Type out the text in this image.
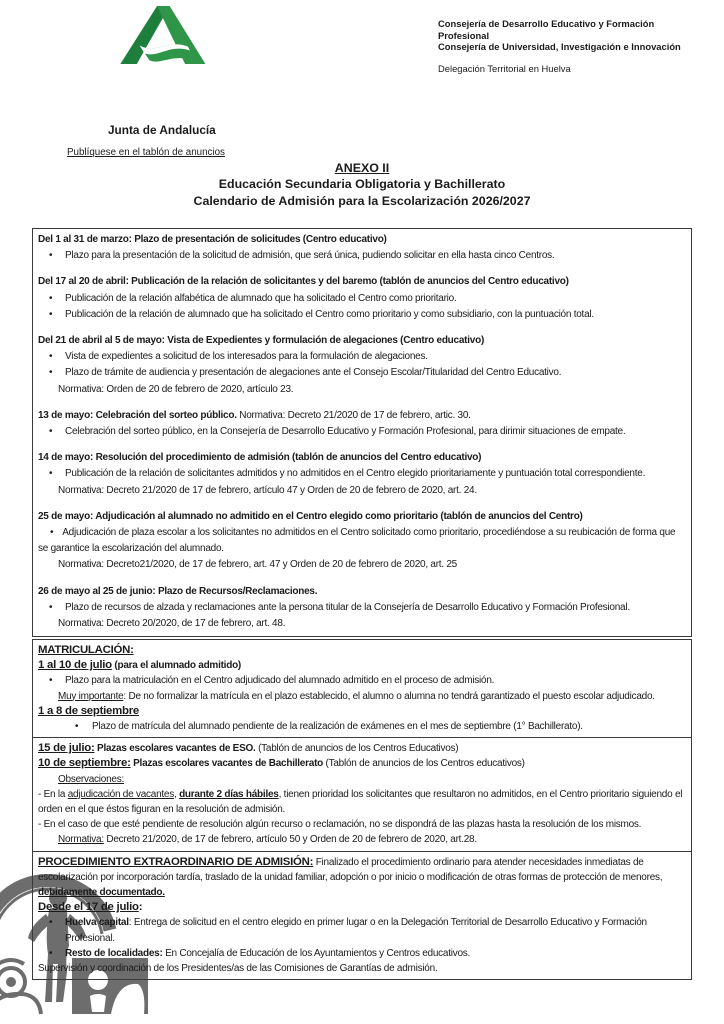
Consejería de Desarrollo Educativo y Formación Profesional
Consejería de Universidad, Investigación e Innovación
Delegación Territorial en Huelva
Junta de Andalucía
Publíquese en el tablón de anuncios
ANEXO II
Educación Secundaria Obligatoria y Bachillerato
Calendario de Admisión para la Escolarización 2026/2027
Del 1 al 31 de marzo: Plazo de presentación de solicitudes (Centro educativo)
• Plazo para la presentación de la solicitud de admisión, que será única, pudiendo solicitar en ella hasta cinco Centros.
Del 17 al 20 de abril: Publicación de la relación de solicitantes y del baremo (tablón de anuncios del Centro educativo)
• Publicación de la relación alfabética de alumnado que ha solicitado el Centro como prioritario.
• Publicación de la relación de alumnado que ha solicitado el Centro como prioritario y como subsidiario, con la puntuación total.
Del 21 de abril al 5 de mayo: Vista de Expedientes y formulación de alegaciones (Centro educativo)
• Vista de expedientes a solicitud de los interesados para la formulación de alegaciones.
• Plazo de trámite de audiencia y presentación de alegaciones ante el Consejo Escolar/Titularidad del Centro Educativo.
Normativa: Orden de 20 de febrero de 2020, artículo 23.
13 de mayo: Celebración del sorteo público. Normativa: Decreto 21/2020 de 17 de febrero, artic. 30.
• Celebración del sorteo público, en la Consejería de Desarrollo Educativo y Formación Profesional, para dirimir situaciones de empate.
14 de mayo: Resolución del procedimiento de admisión (tablón de anuncios del Centro educativo)
• Publicación de la relación de solicitantes admitidos y no admitidos en el Centro elegido prioritariamente y puntuación total correspondiente.
Normativa: Decreto 21/2020 de 17 de febrero, artículo 47 y Orden de 20 de febrero de 2020, art. 24.
25 de mayo: Adjudicación al alumnado no admitido en el Centro elegido como prioritario (tablón de anuncios del Centro)
• Adjudicación de plaza escolar a los solicitantes no admitidos en el Centro solicitado como prioritario, procediéndose a su reubicación de forma que se garantice la escolarización del alumnado.
Normativa: Decreto21/2020, de 17 de febrero, art. 47 y Orden de 20 de febrero de 2020, art. 25
26 de mayo al 25 de junio: Plazo de Recursos/Reclamaciones.
• Plazo de recursos de alzada y reclamaciones ante la persona titular de la Consejería de Desarrollo Educativo y Formación Profesional.
Normativa: Decreto 20/2020, de 17 de febrero, art. 48.
MATRICULACIÓN:
1 al 10 de julio (para el alumnado admitido)
• Plazo para la matriculación en el Centro adjudicado del alumnado admitido en el proceso de admisión.
Muy importante: De no formalizar la matrícula en el plazo establecido, el alumno o alumna no tendrá garantizado el puesto escolar adjudicado.
1 a 8 de septiembre
• Plazo de matrícula del alumnado pendiente de la realización de exámenes en el mes de septiembre (1° Bachillerato).
15 de julio: Plazas escolares vacantes de ESO. (Tablón de anuncios de los Centros Educativos)
10 de septiembre: Plazas escolares vacantes de Bachillerato (Tablón de anuncios de los Centros educativos)
Observaciones:
- En la adjudicación de vacantes, durante 2 días hábiles, tienen prioridad los solicitantes que resultaron no admitidos, en el Centro prioritario siguiendo el orden en el que éstos figuran en la resolución de admisión.
- En el caso de que esté pendiente de resolución algún recurso o reclamación, no se dispondrá de las plazas hasta la resolución de los mismos.
Normativa: Decreto 21/2020, de 17 de febrero, artículo 50 y Orden de 20 de febrero de 2020, art.28.
PROCEDIMIENTO EXTRAORDINARIO DE ADMISIÓN: Finalizado el procedimiento ordinario para atender necesidades inmediatas de escolarización por incorporación tardía, traslado de la unidad familiar, adopción o por inicio o modificación de otras formas de protección de menores, debidamente documentado.
Desde el 17 de julio:
• Huelva capital: Entrega de solicitud en el centro elegido en primer lugar o en la Delegación Territorial de Desarrollo Educativo y Formación Profesional.
• Resto de localidades: En Concejalía de Educación de los Ayuntamientos y Centros educativos.
Supervisión y coordinación de los Presidentes/as de las Comisiones de Garantías de admisión.
